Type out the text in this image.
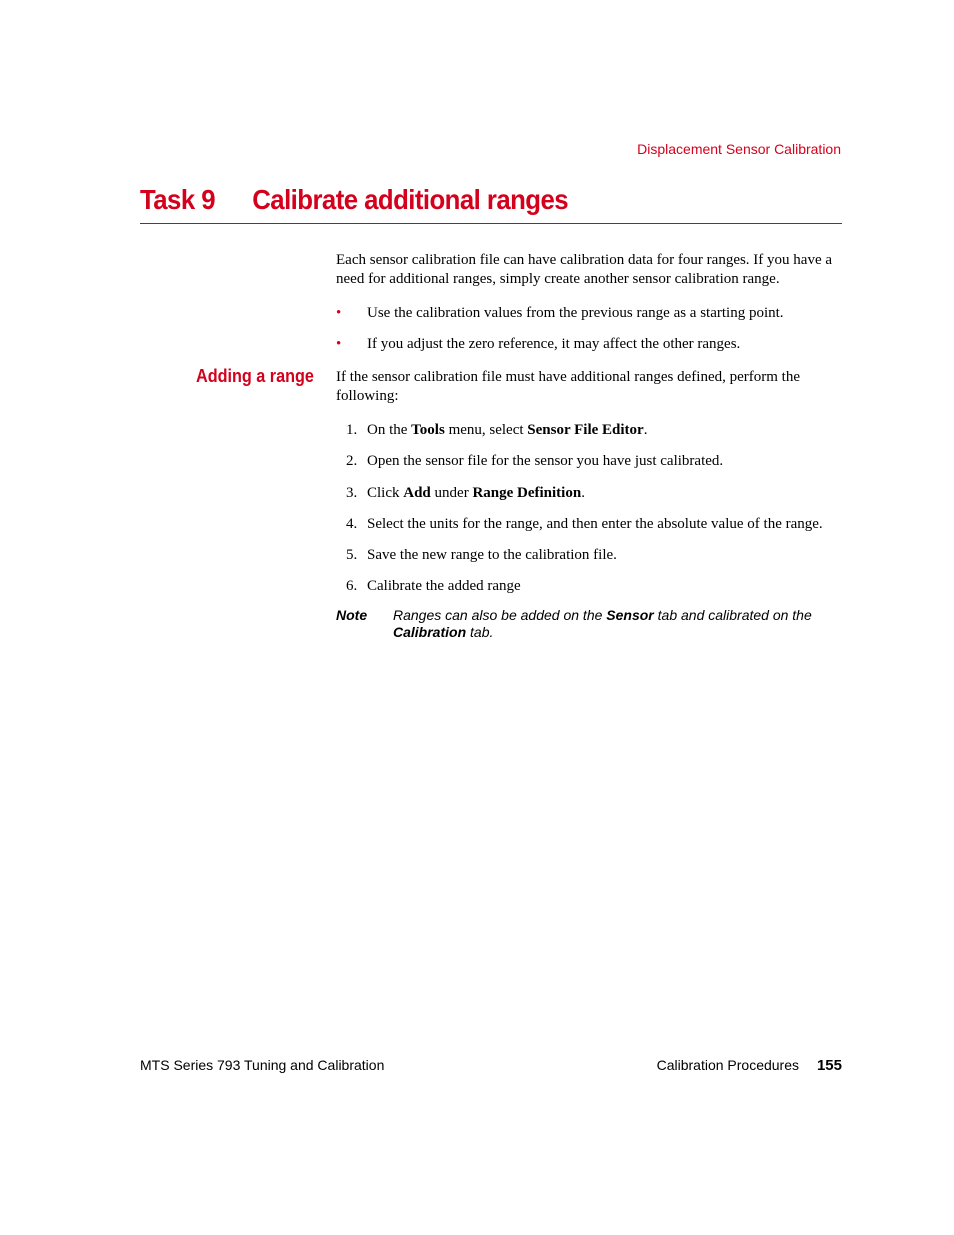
Displacement Sensor Calibration
Task 9 Calibrate additional ranges
Each sensor calibration file can have calibration data for four ranges. If you have a need for additional ranges, simply create another sensor calibration range.
• Use the calibration values from the previous range as a starting point.
• If you adjust the zero reference, it may affect the other ranges.
Adding a range If the sensor calibration file must have additional ranges defined, perform the following:
1. On the Tools menu, select Sensor File Editor.
2. Open the sensor file for the sensor you have just calibrated.
3. Click Add under Range Definition.
4. Select the units for the range, and then enter the absolute value of the range.
5. Save the new range to the calibration file.
6. Calibrate the added range
Note Ranges can also be added on the Sensor tab and calibrated on the Calibration tab.
MTS Series 793 Tuning and Calibration	Calibration Procedures 155
